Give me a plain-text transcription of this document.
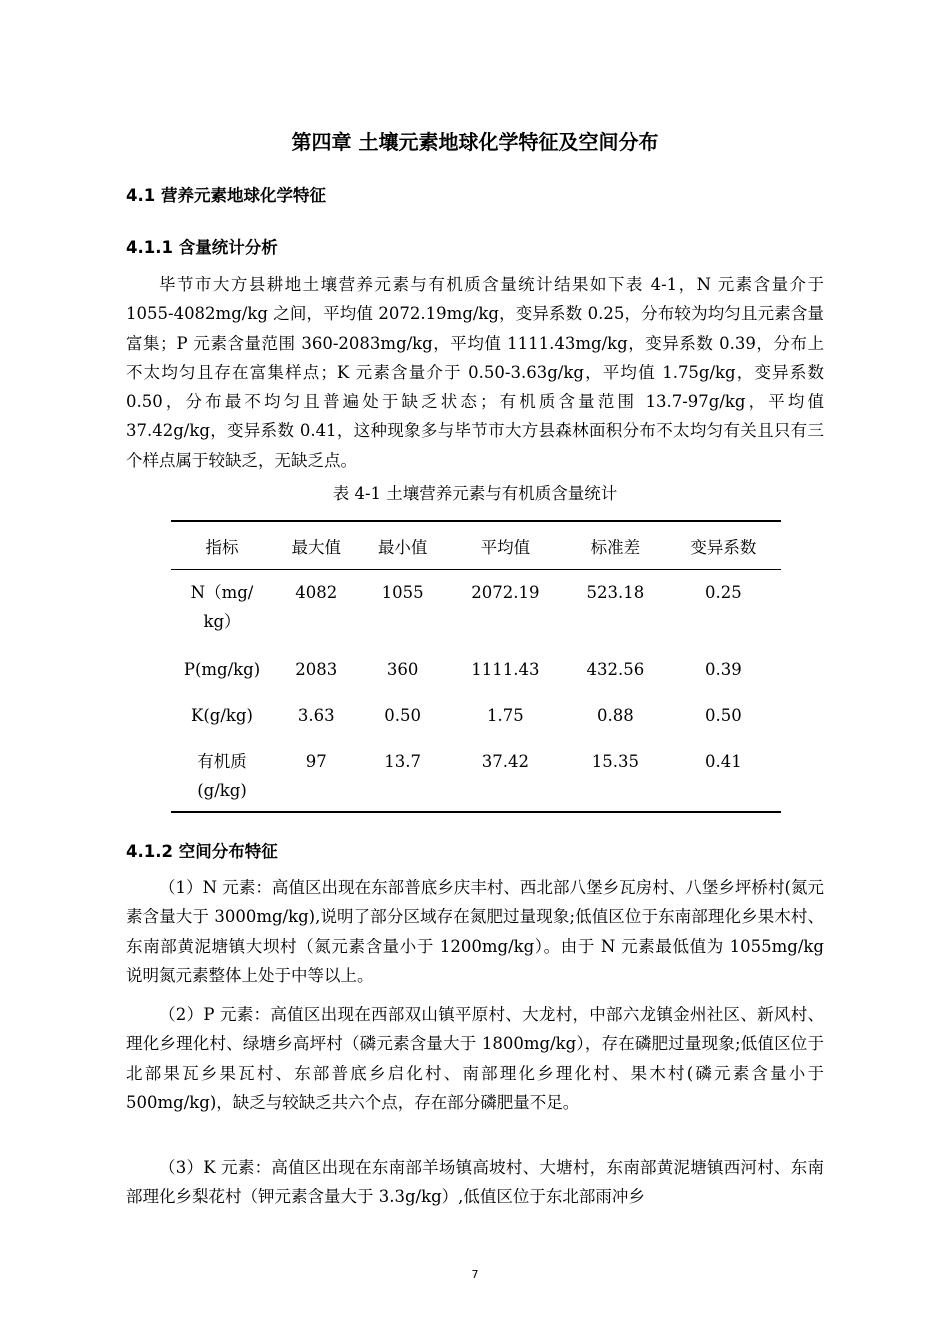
第四章 土壤元素地球化学特征及空间分布
4.1 营养元素地球化学特征
4.1.1 含量统计分析

毕节市大方县耕地土壤营养元素与有机质含量统计结果如下表 4-1，N 元素含量介于 1055-4082mg/kg 之间，平均值 2072.19mg/kg，变异系数 0.25，分布较为均匀且元素含量富集；P 元素含量范围 360-2083mg/kg，平均值 1111.43mg/kg，变异系数 0.39，分布上不太均匀且存在富集样点；K 元素含量介于 0.50-3.63g/kg，平均值 1.75g/kg，变异系数 0.50，分布最不均匀且普遍处于缺乏状态；有机质含量范围 13.7-97g/kg，平均值 37.42g/kg，变异系数 0.41，这种现象多与毕节市大方县森林面积分布不太均匀有关且只有三个样点属于较缺乏，无缺乏点。

表 4-1 土壤营养元素与有机质含量统计
指标	最大值	最小值	平均值	标准差	变异系数
N（mg/
kg）	4082	1055	2072.19	523.18	0.25
P(mg/kg)	2083	360	1111.43	432.56	0.39
K(g/kg)	3.63	0.50	1.75	0.88	0.50
有机质
(g/kg)	97	13.7	37.42	15.35	0.41
4.1.2 空间分布特征

（1）N 元素：高值区出现在东部普底乡庆丰村、西北部八堡乡瓦房村、八堡乡坪桥村(氮元素含量大于 3000mg/kg),说明了部分区域存在氮肥过量现象;低值区位于东南部理化乡果木村、东南部黄泥塘镇大坝村（氮元素含量小于 1200mg/kg）。由于 N 元素最低值为 1055mg/kg 说明氮元素整体上处于中等以上。

（2）P 元素：高值区出现在西部双山镇平原村、大龙村，中部六龙镇金州社区、新风村、理化乡理化村、绿塘乡高坪村（磷元素含量大于 1800mg/kg），存在磷肥过量现象;低值区位于北部果瓦乡果瓦村、东部普底乡启化村、南部理化乡理化村、果木村(磷元素含量小于 500mg/kg)，缺乏与较缺乏共六个点，存在部分磷肥量不足。

（3）K 元素：高值区出现在东南部羊场镇高坡村、大塘村，东南部黄泥塘镇西河村、东南部理化乡梨花村（钾元素含量大于 3.3g/kg）,低值区位于东北部雨冲乡

7
